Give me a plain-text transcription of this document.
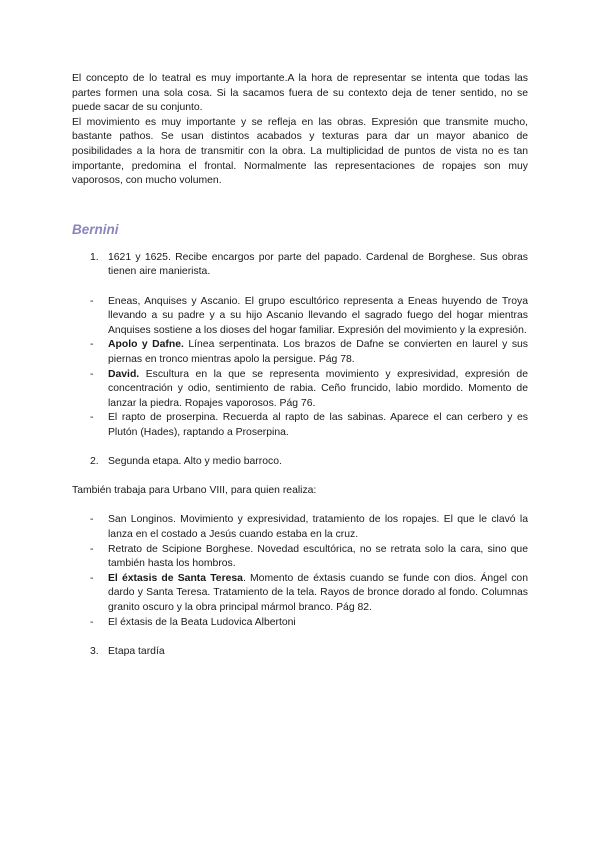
El concepto de lo teatral es muy importante.A la hora de representar se intenta que todas las partes formen una sola cosa. Si la sacamos fuera de su contexto deja de tener sentido, no se puede sacar de su conjunto.

El movimiento es muy importante y se refleja en las obras. Expresión que transmite mucho, bastante pathos. Se usan distintos acabados y texturas para dar un mayor abanico de posibilidades a la hora de transmitir con la obra. La multiplicidad de puntos de vista no es tan importante, predomina el frontal. Normalmente las representaciones de ropajes son muy vaporosos, con mucho volumen.

Bernini
1. 1621 y 1625. Recibe encargos por parte del papado. Cardenal de Borghese. Sus obras tienen aire manierista.
- Eneas, Anquises y Ascanio. El grupo escultórico representa a Eneas huyendo de Troya llevando a su padre y a su hijo Ascanio llevando el sagrado fuego del hogar mientras Anquises sostiene a los dioses del hogar familiar. Expresión del movimiento y la expresión.
- Apolo y Dafne. Línea serpentinata. Los brazos de Dafne se convierten en laurel y sus piernas en tronco mientras apolo la persigue. Pág 78.
- David. Escultura en la que se representa movimiento y expresividad, expresión de concentración y odio, sentimiento de rabia. Ceño fruncido, labio mordido. Momento de lanzar la piedra. Ropajes vaporosos. Pág 76.
- El rapto de proserpina. Recuerda al rapto de las sabinas. Aparece el can cerbero y es Plutón (Hades), raptando a Proserpina.
2. Segunda etapa. Alto y medio barroco.

También trabaja para Urbano VIII, para quien realiza:

- San Longinos. Movimiento y expresividad, tratamiento de los ropajes. El que le clavó la lanza en el costado a Jesús cuando estaba en la cruz.
- Retrato de Scipione Borghese. Novedad escultórica, no se retrata solo la cara, sino que también hasta los hombros.
- El éxtasis de Santa Teresa. Momento de éxtasis cuando se funde con dios. Ángel con dardo y Santa Teresa. Tratamiento de la tela. Rayos de bronce dorado al fondo. Columnas granito oscuro y la obra principal mármol branco. Pág 82.
- El éxtasis de la Beata Ludovica Albertoni
3. Etapa tardía
